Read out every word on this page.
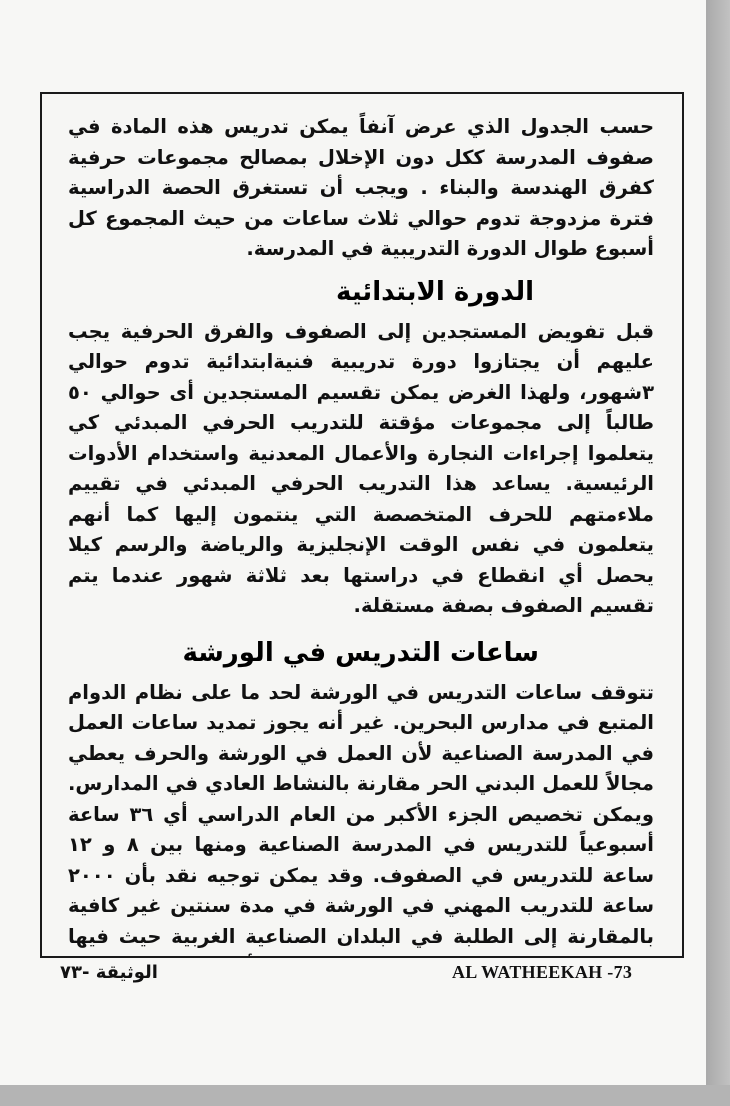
حسب الجدول الذي عرض آنفاً يمكن تدريس هذه المادة في صفوف المدرسة ككل دون الإخلال بمصالح مجموعات حرفية كفرق الهندسة والبناء . ويجب أن تستغرق الحصة الدراسية فترة مزدوجة تدوم حوالي ثلاث ساعات من حيث المجموع كل أسبوع طوال الدورة التدريبية في المدرسة.

الدورة الابتدائية

قبل تفويض المستجدين إلى الصفوف والفرق الحرفية يجب عليهم أن يجتازوا دورة تدريبية فنيةابتدائية تدوم حوالي ٣شهور، ولهذا الغرض يمكن تقسيم المستجدين أى حوالي ٥٠ طالباً إلى مجموعات مؤقتة للتدريب الحرفي المبدئي كي يتعلموا إجراءات النجارة والأعمال المعدنية واستخدام الأدوات الرئيسية. يساعد هذا التدريب الحرفي المبدئي في تقييم ملاءمتهم للحرف المتخصصة التي ينتمون إليها كما أنهم يتعلمون في نفس الوقت الإنجليزية والرياضة والرسم كيلا يحصل أي انقطاع في دراستها بعد ثلاثة شهور عندما يتم تقسيم الصفوف بصفة مستقلة.

ساعات التدريس في الورشة

تتوقف ساعات التدريس في الورشة لحد ما على نظام الدوام المتبع في مدارس البحرين. غير أنه يجوز تمديد ساعات العمل في المدرسة الصناعية لأن العمل في الورشة والحرف يعطي مجالاً للعمل البدني الحر مقارنة بالنشاط العادي في المدارس. ويمكن تخصيص الجزء الأكبر من العام الدراسي أي ٣٦ ساعة أسبوعياً للتدريس في المدرسة الصناعية ومنها بين ٨ و ١٢ ساعة للتدريس في الصفوف. وقد يمكن توجيه نقد بأن ٢٠٠٠ ساعة للتدريب المهني في الورشة في مدة سنتين غير كافية بالمقارنة إلى الطلبة في البلدان الصناعية الغربية حيث فيها

AL WATHEEKAH -73
الوثيقة -٧٣
